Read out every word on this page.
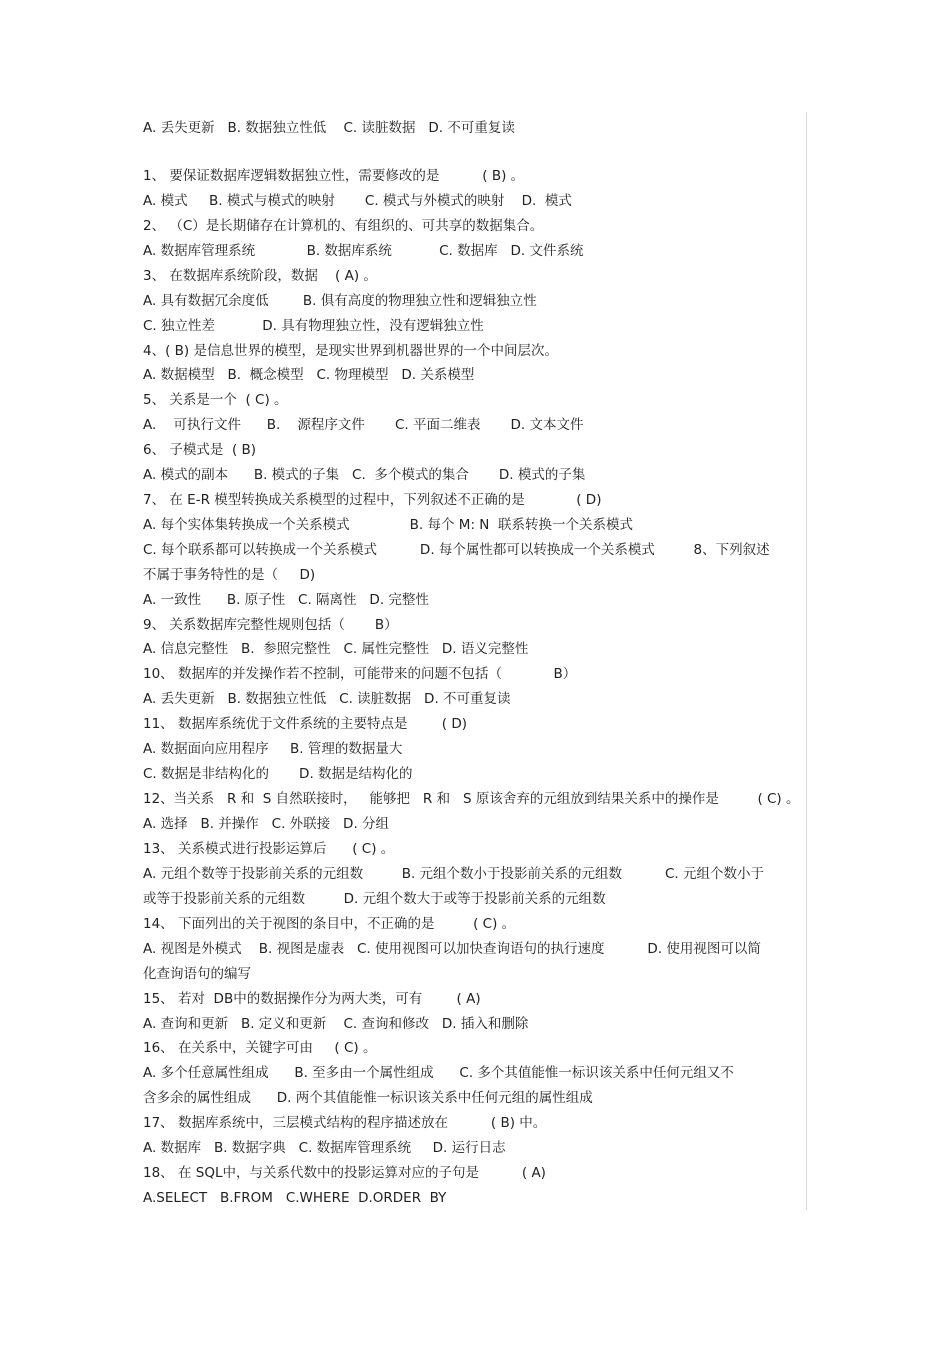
A. 丢失更新   B. 数据独立性低    C. 读脏数据   D. 不可重复读
1、 要保证数据库逻辑数据独立性，需要修改的是          ( B) 。
A. 模式     B. 模式与模式的映射       C. 模式与外模式的映射    D.  模式
2、 （C）是长期储存在计算机的、有组织的、可共享的数据集合。
A. 数据库管理系统            B. 数据库系统           C. 数据库   D. 文件系统
3、 在数据库系统阶段，数据    ( A) 。
A. 具有数据冗余度低        B. 俱有高度的物理独立性和逻辑独立性
C. 独立性差           D. 具有物理独立性，没有逻辑独立性
4、( B) 是信息世界的模型，是现实世界到机器世界的一个中间层次。
A. 数据模型   B.  概念模型   C. 物理模型   D. 关系模型
5、 关系是一个  ( C) 。
A.    可执行文件      B.    源程序文件       C. 平面二维表       D. 文本文件
6、 子模式是  ( B)
A. 模式的副本      B. 模式的子集   C.  多个模式的集合       D. 模式的子集
7、 在 E-R 模型转换成关系模型的过程中，下列叙述不正确的是            ( D)
A. 每个实体集转换成一个关系模式              B. 每个 M: N  联系转换一个关系模式
C. 每个联系都可以转换成一个关系模式          D. 每个属性都可以转换成一个关系模式         8、下列叙述
不属于事务特性的是（     D)
A. 一致性      B. 原子性   C. 隔离性   D. 完整性
9、 关系数据库完整性规则包括（       B）
A. 信息完整性   B.  参照完整性   C. 属性完整性   D. 语义完整性
10、 数据库的并发操作若不控制，可能带来的问题不包括（            B）
A. 丢失更新   B. 数据独立性低   C. 读脏数据   D. 不可重复读
11、 数据库系统优于文件系统的主要特点是        ( D)
A. 数据面向应用程序     B. 管理的数据量大
C. 数据是非结构化的       D. 数据是结构化的
12、当关系   R 和  S 自然联接时，   能够把   R 和   S 原该舍弃的元组放到结果关系中的操作是         ( C) 。
A. 选择   B. 并操作   C. 外联接   D. 分组
13、 关系模式进行投影运算后      ( C) 。
A. 元组个数等于投影前关系的元组数         B. 元组个数小于投影前关系的元组数          C. 元组个数小于
或等于投影前关系的元组数         D. 元组个数大于或等于投影前关系的元组数
14、 下面列出的关于视图的条目中，不正确的是         ( C) 。
A. 视图是外模式    B. 视图是虚表   C. 使用视图可以加快查询语句的执行速度          D. 使用视图可以简
化查询语句的编写
15、 若对  DB中的数据操作分为两大类，可有        ( A)
A. 查询和更新   B. 定义和更新    C. 查询和修改   D. 插入和删除
16、 在关系中，关键字可由     ( C) 。
A. 多个任意属性组成      B. 至多由一个属性组成      C. 多个其值能惟一标识该关系中任何元组又不
含多余的属性组成      D. 两个其值能惟一标识该关系中任何元组的属性组成
17、 数据库系统中，三层模式结构的程序描述放在          ( B) 中。
A. 数据库   B. 数据字典   C. 数据库管理系统     D. 运行日志
18、 在 SQL中，与关系代数中的投影运算对应的子句是          ( A)
A.SELECT   B.FROM   C.WHERE  D.ORDER  BY
